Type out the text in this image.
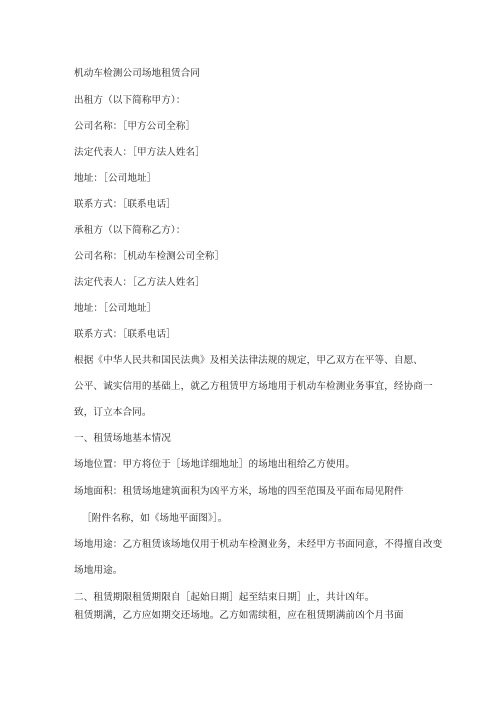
机动车检测公司场地租赁合同

出租方（以下简称甲方）：

公司名称：［甲方公司全称］

法定代表人：［甲方法人姓名］

地址：［公司地址］

联系方式：［联系电话］

承租方（以下简称乙方）：

公司名称：［机动车检测公司全称］

法定代表人：［乙方法人姓名］

地址：［公司地址］

联系方式：［联系电话］

根据《中华人民共和国民法典》及相关法律法规的规定，甲乙双方在平等、自愿、

公平、诚实信用的基础上，就乙方租赁甲方场地用于机动车检测业务事宜，经协商一

致，订立本合同。

一、租赁场地基本情况

场地位置：甲方将位于［场地详细地址］的场地出租给乙方使用。

场地面积：租赁场地建筑面积为凶平方米，场地的四至范围及平面布局见附件

［附件名称，如《场地平面图》］。

场地用途：乙方租赁该场地仅用于机动车检测业务，未经甲方书面同意，不得擅自改变

场地用途。

二、租赁期限租赁期限自［起始日期］起至结束日期］止，共计凶年。

租赁期满，乙方应如期交还场地。乙方如需续租，应在租赁期满前凶个月书面
